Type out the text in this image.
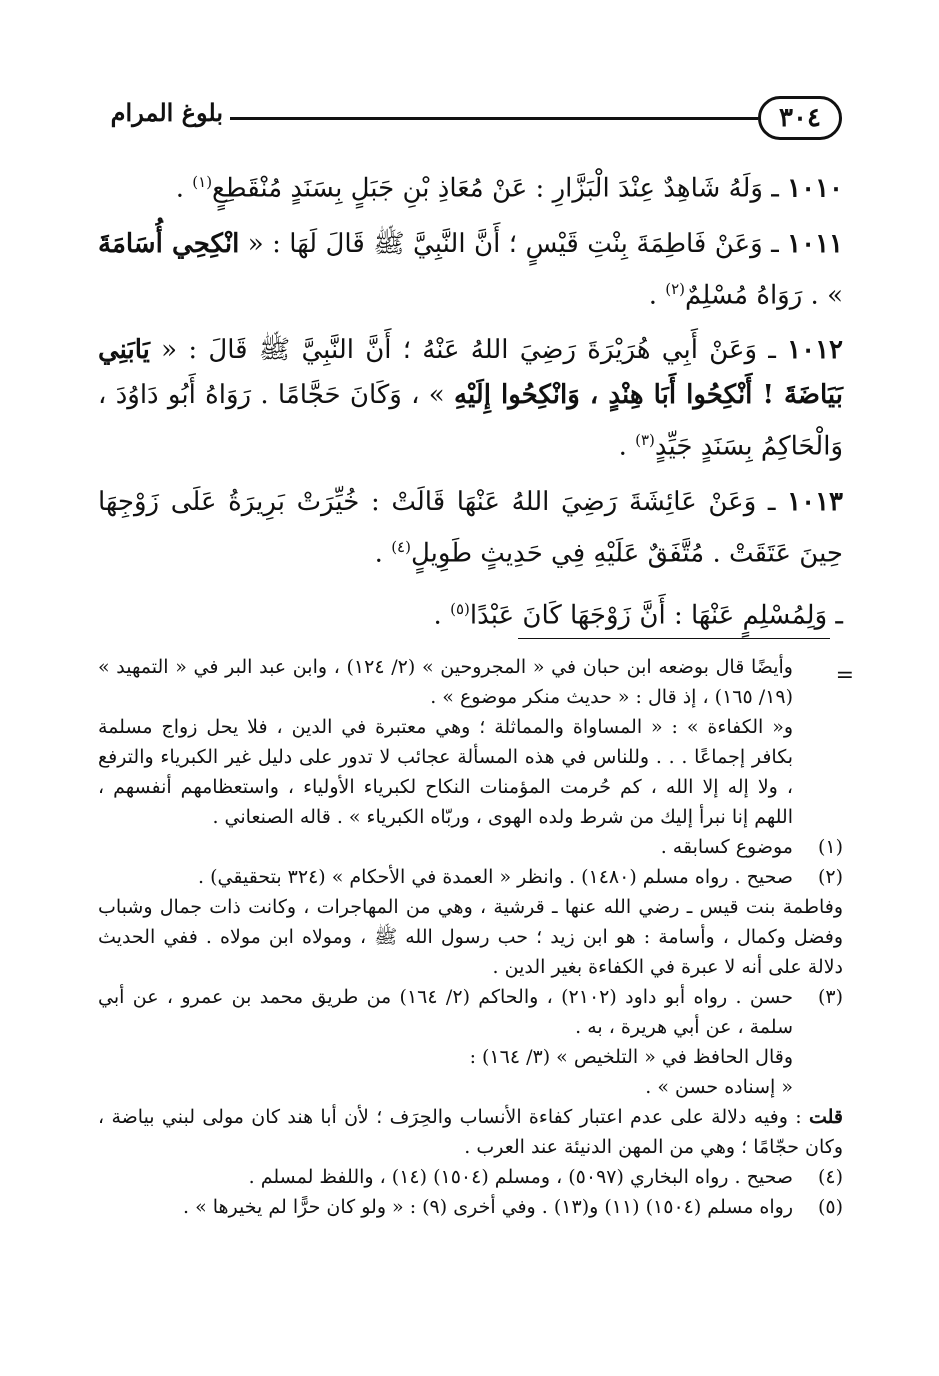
٣٠٤
بلوغ المرام

١٠١٠ ـ وَلَهُ شَاهِدٌ عِنْدَ الْبَزَّارِ : عَنْ مُعَاذِ بْنِ جَبَلٍ بِسَنَدٍ مُنْقَطِعٍ$^{(١)}$ .

١٠١١ ـ وَعَنْ فَاطِمَةَ بِنْتِ قَيْسٍ ؛ أَنَّ النَّبِيَّ ﷺ قَالَ لَهَا : « انْكِحِي أُسَامَةَ » . رَوَاهُ مُسْلِمٌ$^{(٢)}$ .

١٠١٢ ـ وَعَنْ أَبِي هُرَيْرَةَ رَضِيَ اللهُ عَنْهُ ؛ أَنَّ النَّبِيَّ ﷺ قَالَ : « يَابَنِي بَيَاضَةَ ! أَنْكِحُوا أَبَا هِنْدٍ ، وَانْكِحُوا إِلَيْهِ » ، وَكَانَ حَجَّامًا . رَوَاهُ أَبُو دَاوُدَ ، وَالْحَاكِمُ بِسَنَدٍ جَيِّدٍ$^{(٣)}$ .

١٠١٣ ـ وَعَنْ عَائِشَةَ رَضِيَ اللهُ عَنْهَا قَالَتْ : خُيِّرَتْ بَرِيرَةُ عَلَى زَوْجِهَا حِينَ عَتَقَتْ . مُتَّفَقٌ عَلَيْهِ فِي حَدِيثٍ طَوِيلٍ$^{(٤)}$ .

ـ وَلِمُسْلِمٍ عَنْهَا : أَنَّ زَوْجَهَا كَانَ عَبْدًا$^{(٥)}$ .

=

وأيضًا قال بوضعه ابن حبان في « المجروحين » (٢/ ١٢٤) ، وابن عبد البر في « التمهيد » (١٩/ ١٦٥) ، إذ قال : « حديث منكر موضوع » .

و« الكفاءة » : « المساواة والمماثلة ؛ وهي معتبرة في الدين ، فلا يحل زواج مسلمة بكافر إجماعًا . . . وللناس في هذه المسألة عجائب لا تدور على دليل غير الكبرياء والترفع ، ولا إله إلا الله ، كم حُرمت المؤمنات النكاح لكبرياء الأولياء ، واستعظامهم أنفسهم ، اللهم إنا نبرأ إليك من شرط ولده الهوى ، وربّاه الكبرياء » . قاله الصنعاني .

(١)
موضوع كسابقه .
(٢)
صحيح . رواه مسلم (١٤٨٠) . وانظر « العمدة في الأحكام » (٣٢٤ بتحقيقي) .

وفاطمة بنت قيس ـ رضي الله عنها ـ قرشية ، وهي من المهاجرات ، وكانت ذات جمال وشباب وفضل وكمال ، وأسامة : هو ابن زيد ؛ حب رسول الله ﷺ ، ومولاه ابن مولاه . ففي الحديث دلالة على أنه لا عبرة في الكفاءة بغير الدين .

(٣)
حسن . رواه أبو داود (٢١٠٢) ، والحاكم (٢/ ١٦٤) من طريق محمد بن عمرو ، عن أبي سلمة ، عن أبي هريرة ، به .

وقال الحافظ في « التلخيص » (٣/ ١٦٤) :

« إسناده حسن » .

قلت : وفيه دلالة على عدم اعتبار كفاءة الأنساب والحِرَف ؛ لأن أبا هند كان مولى لبني بياضة ، وكان حجّامًا ؛ وهي من المهن الدنيئة عند العرب .

(٤)
صحيح . رواه البخاري (٥٠٩٧) ، ومسلم (١٥٠٤) (١٤) ، واللفظ لمسلم .
(٥)
رواه مسلم (١٥٠٤) (١١) و(١٣) . وفي أخرى (٩) : « ولو كان حرًّا لم يخيرها » .
